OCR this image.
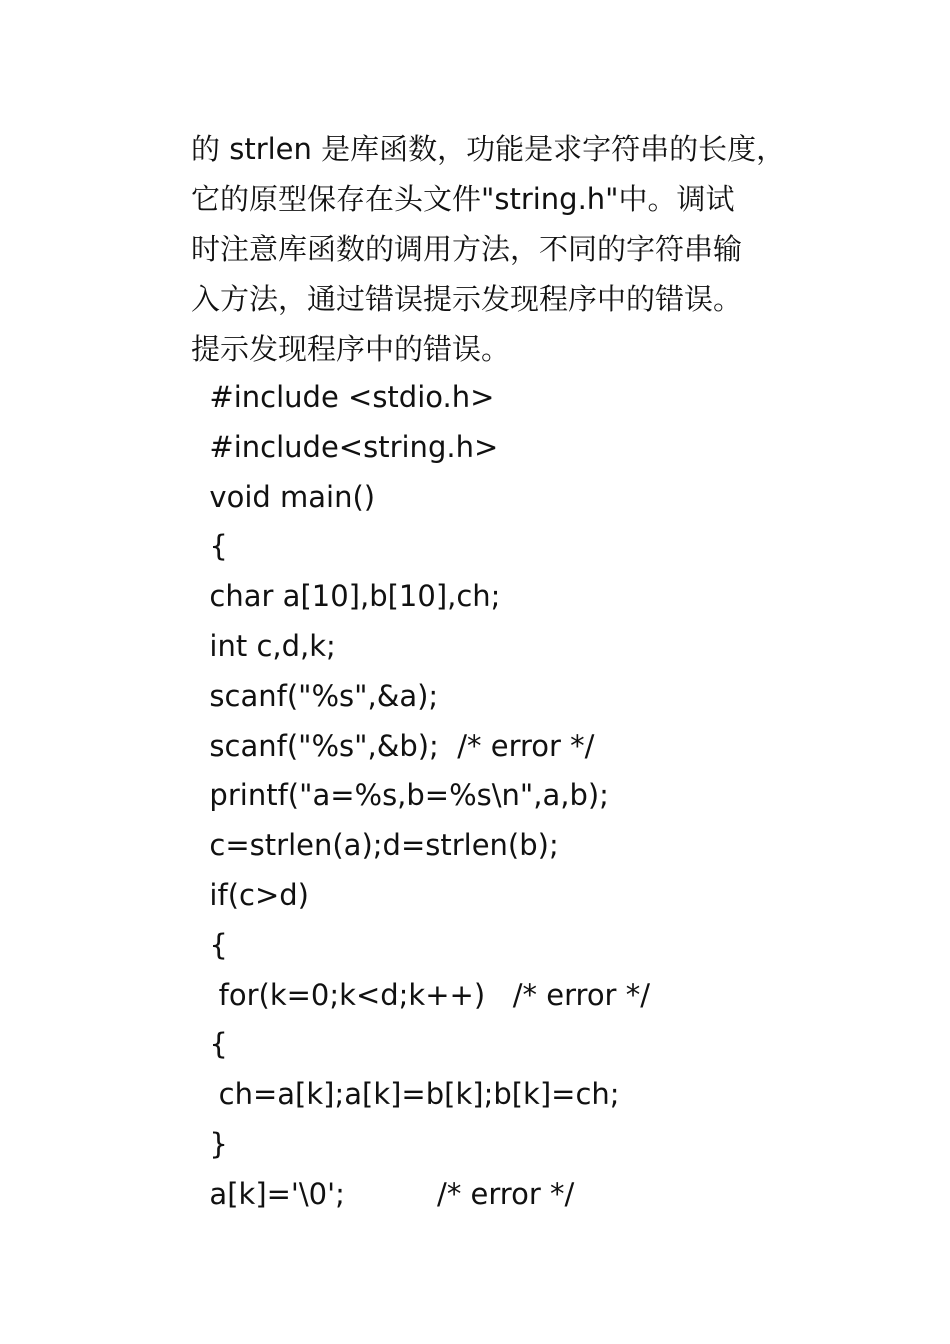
的 strlen 是库函数，功能是求字符串的长度，
它的原型保存在头文件"string.h"中。调试
时注意库函数的调用方法，不同的字符串输
入方法，通过错误提示发现程序中的错误。
提示发现程序中的错误。
#include <stdio.h>
#include<string.h>
void main()
{
char a[10],b[10],ch;
int c,d,k;
scanf("%s",&a);
scanf("%s",&b);  /* error */
printf("a=%s,b=%s\n",a,b);
c=strlen(a);d=strlen(b);
if(c>d)
{
for(k=0;k<d;k++)   /* error */
{
ch=a[k];a[k]=b[k];b[k]=ch;
}
a[k]='\0';          /* error */
